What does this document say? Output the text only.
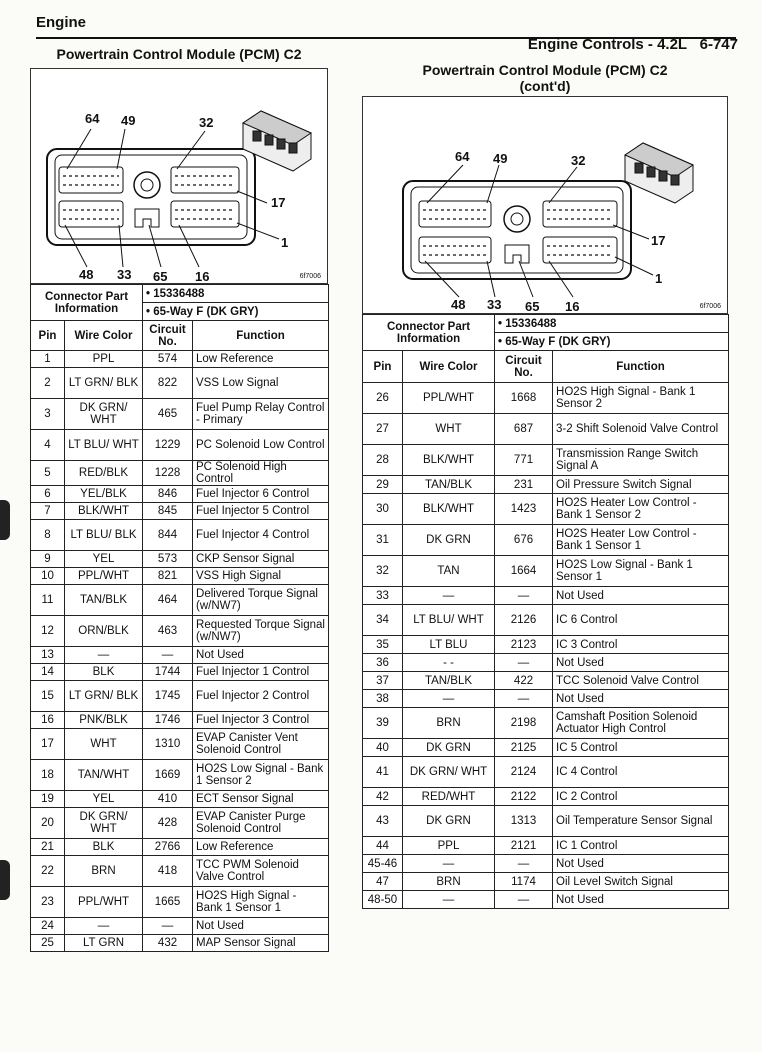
Engine
Engine Controls - 4.2L 6-747
Powertrain Control Module (PCM) C2
64 49	32
17
1
48 33 65 16	6f7006
Connector Part Information		• 15336488	
		• 65-Way F (DK GRY)	
Pin	Wire Color	Circuit No.	Function
1	PPL	574	Low Reference
2	LT GRN/ BLK	822	VSS Low Signal
3	DK GRN/ WHT	465	Fuel Pump Relay Control - Primary
4	LT BLU/ WHT	1229	PC Solenoid Low Control
5	RED/BLK	1228	PC Solenoid High Control
6	YEL/BLK	846	Fuel Injector 6 Control
7	BLK/WHT	845	Fuel Injector 5 Control
8	LT BLU/ BLK	844	Fuel Injector 4 Control
9	YEL	573	CKP Sensor Signal
10	PPL/WHT	821	VSS High Signal
11	TAN/BLK	464	Delivered Torque Signal (w/NW7)
12	ORN/BLK	463	Requested Torque Signal (w/NW7)
13	—	—	Not Used
14	BLK	1744	Fuel Injector 1 Control
15	LT GRN/ BLK	1745	Fuel Injector 2 Control
16	PNK/BLK	1746	Fuel Injector 3 Control
17	WHT	1310	EVAP Canister Vent Solenoid Control
18	TAN/WHT	1669	HO2S Low Signal - Bank 1 Sensor 2
19	YEL	410	ECT Sensor Signal
20	DK GRN/ WHT	428	EVAP Canister Purge Solenoid Control
21	BLK	2766	Low Reference
22	BRN	418	TCC PWM Solenoid Valve Control
23	PPL/WHT	1665	HO2S High Signal - Bank 1 Sensor 1
24	—	—	Not Used
25	LT GRN	432	MAP Sensor Signal
Powertrain Control Module (PCM) C2
(cont'd)
64 49	32
17
1
48 33 65 16	6f7006
Connector Part Information		• 15336488	
		• 65-Way F (DK GRY)	
Pin	Wire Color	Circuit No.	Function
26	PPL/WHT	1668	HO2S High Signal - Bank 1 Sensor 2
27	WHT	687	3-2 Shift Solenoid Valve Control
28	BLK/WHT	771	Transmission Range Switch Signal A
29	TAN/BLK	231	Oil Pressure Switch Signal
30	BLK/WHT	1423	HO2S Heater Low Control - Bank 1 Sensor 2
31	DK GRN	676	HO2S Heater Low Control - Bank 1 Sensor 1
32	TAN	1664	HO2S Low Signal - Bank 1 Sensor 1
33	—	—	Not Used
34	LT BLU/ WHT	2126	IC 6 Control
35	LT BLU	2123	IC 3 Control
36	- -	—	Not Used
37	TAN/BLK	422	TCC Solenoid Valve Control
38	—	—	Not Used
39	BRN	2198	Camshaft Position Solenoid Actuator High Control
40	DK GRN	2125	IC 5 Control
41	DK GRN/ WHT	2124	IC 4 Control
42	RED/WHT	2122	IC 2 Control
43	DK GRN	1313	Oil Temperature Sensor Signal
44	PPL	2121	IC 1 Control
45-46	—	—	Not Used
47	BRN	1174	Oil Level Switch Signal
48-50	—	—	Not Used
